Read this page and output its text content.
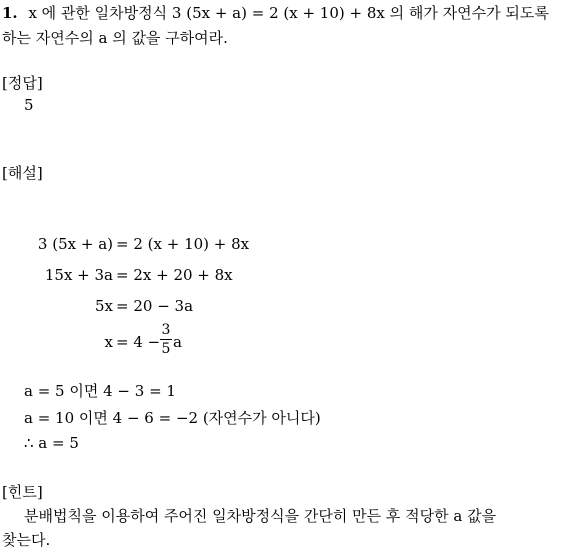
1. x 에 관한 일차방정식 3 (5x + a) = 2 (x + 10) + 8x 의 해가 자연수가 되도록
하는 자연수의 a 의 값을 구하여라.
[정답]
5
[해설]
3 (5x + a) = 2 (x + 10) + 8x
15x + 3a = 2x + 20 + 8x
5x = 20 − 3a
x = 4 −
3
5 a
a = 5 이면 4 − 3 = 1
a = 10 이면 4 − 6 = −2 (자연수가 아니다)
∴ a = 5
[힌트]
분배법칙을 이용하여 주어진 일차방정식을 간단히 만든 후 적당한 a 값을
찾는다.
